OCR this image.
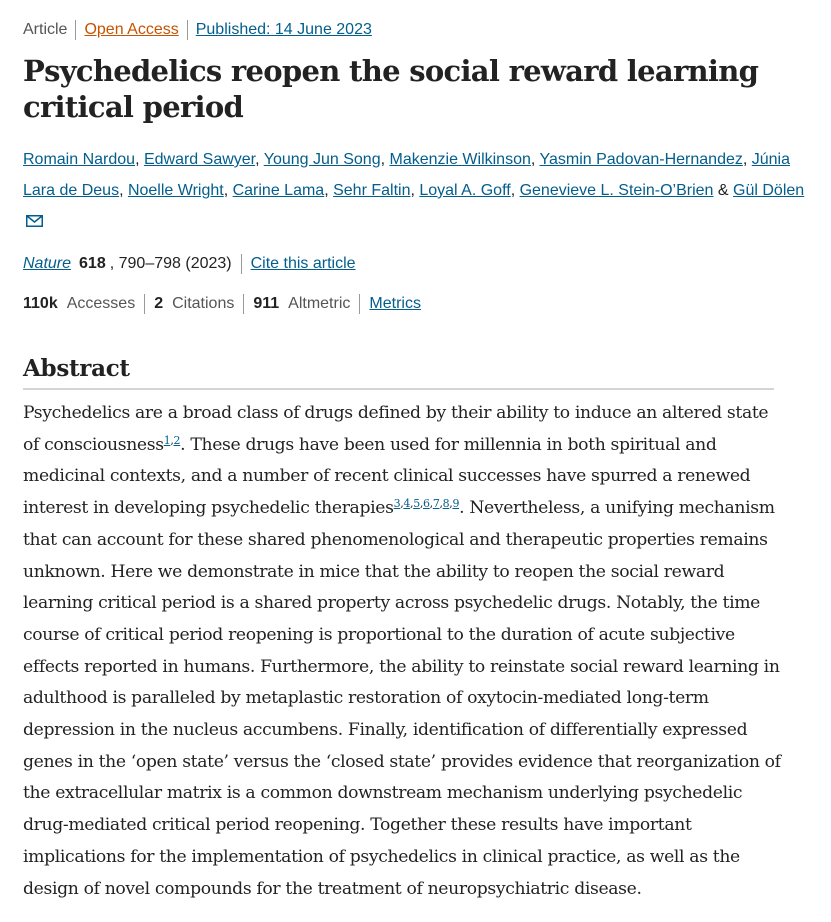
Article Open Access Published: 14 June 2023
Psychedelics reopen the social reward learning critical period
Romain Nardou, Edward Sawyer, Young Jun Song, Makenzie Wilkinson, Yasmin Padovan-Hernandez, Júnia Lara de Deus, Noelle Wright, Carine Lama, Sehr Faltin, Loyal A. Goff, Genevieve L. Stein-O’Brien & Gül Dölen
Nature 618 , 790–798 (2023) Cite this article
110k Accesses 2 Citations 911 Altmetric Metrics
Abstract

Psychedelics are a broad class of drugs defined by their ability to induce an altered state of consciousness$^{1,2}$. These drugs have been used for millennia in both spiritual and medicinal contexts, and a number of recent clinical successes have spurred a renewed interest in developing psychedelic therapies$^{3,4,5,6,7,8,9}$. Nevertheless, a unifying mechanism that can account for these shared phenomenological and therapeutic properties remains unknown. Here we demonstrate in mice that the ability to reopen the social reward learning critical period is a shared property across psychedelic drugs. Notably, the time course of critical period reopening is proportional to the duration of acute subjective effects reported in humans. Furthermore, the ability to reinstate social reward learning in adulthood is paralleled by metaplastic restoration of oxytocin-mediated long-term depression in the nucleus accumbens. Finally, identification of differentially expressed genes in the ‘open state’ versus the ‘closed state’ provides evidence that reorganization of the extracellular matrix is a common downstream mechanism underlying psychedelic drug-mediated critical period reopening. Together these results have important implications for the implementation of psychedelics in clinical practice, as well as the design of novel compounds for the treatment of neuropsychiatric disease.
